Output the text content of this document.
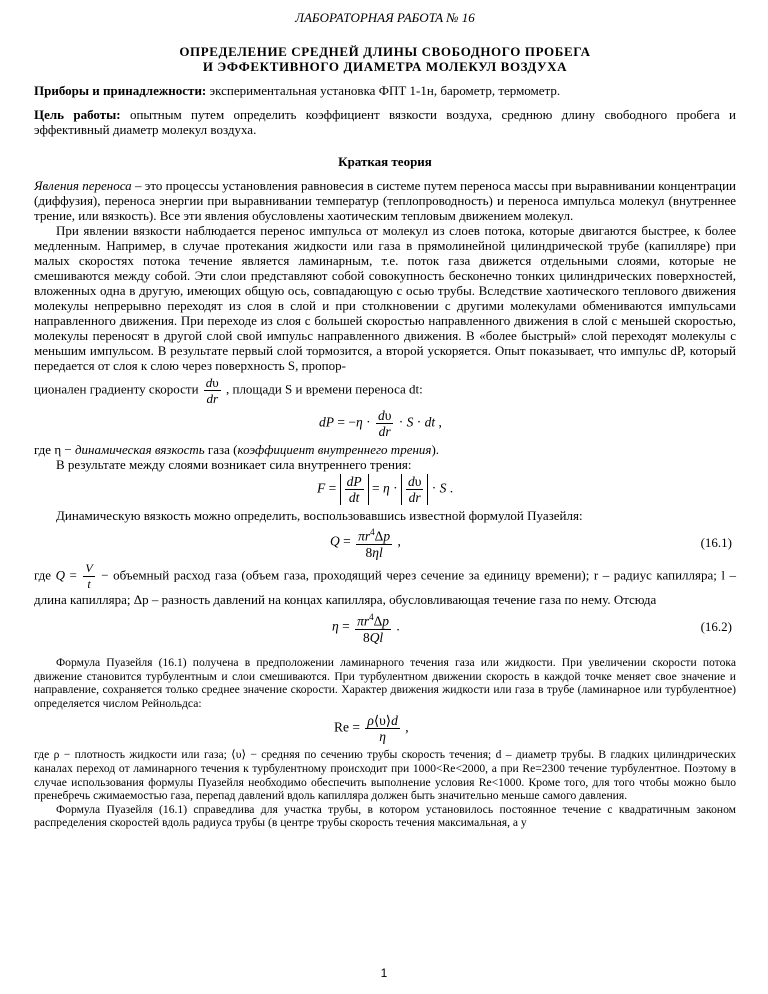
ЛАБОРАТОРНАЯ РАБОТА № 16

ОПРЕДЕЛЕНИЕ СРЕДНЕЙ ДЛИНЫ СВОБОДНОГО ПРОБЕГА
И ЭФФЕКТИВНОГО ДИАМЕТРА МОЛЕКУЛ ВОЗДУХА

Приборы и принадлежности: экспериментальная установка ФПТ 1-1н, барометр, термометр.

Цель работы: опытным путем определить коэффициент вязкости воздуха, среднюю длину свободного пробега и эффективный диаметр молекул воздуха.

Краткая теория

Явления переноса – это процессы установления равновесия в системе путем переноса массы при выравнивании концентрации (диффузия), переноса энергии при выравнивании температур (теплопроводность) и переноса импульса молекул (внутреннее трение, или вязкость). Все эти явления обусловлены хаотическим тепловым движением молекул.

При явлении вязкости наблюдается перенос импульса от молекул из слоев потока, которые двигаются быстрее, к более медленным. Например, в случае протекания жидкости или газа в прямолинейной цилиндрической трубе (капилляре) при малых скоростях потока течение является ламинарным, т.е. поток газа движется отдельными слоями, которые не смешиваются между собой. Эти слои представляют собой совокупность бесконечно тонких цилиндрических поверхностей, вложенных одна в другую, имеющих общую ось, совпадающую с осью трубы. Вследствие хаотического теплового движения молекулы непрерывно переходят из слоя в слой и при столкновении с другими молекулами обмениваются импульсами направленного движения. При переходе из слоя с большей скоростью направленного движения в слой с меньшей скоростью, молекулы переносят в другой слой свой импульс направленного движения. В «более быстрый» слой переходят молекулы с меньшим импульсом. В результате первый слой тормозится, а второй ускоряется. Опыт показывает, что импульс dP, который передается от слоя к слою через поверхность S, пропор-

ционален градиенту скорости $\frac{d\upsilon}{dr}$ , площади S и времени переноса dt:

dP = $-\eta \cdot \frac{d\upsilon}{dr} \cdot S$ · dt ,

где η − динамическая вязкость газа (коэффициент внутреннего трения).

В результате между слоями возникает сила внутреннего трения:

$F = \frac{dP}{dt} = \eta \cdot \frac{d\upsilon}{dr} \cdot S$ .

Динамическую вязкость можно определить, воспользовавшись известной формулой Пуазейля:

$Q = \frac{\pi r^4\Delta p}{8\eta l}$ ,	(16.1)

где $Q = \frac{V}{t}$ − объемный расход газа (объем газа, проходящий через сечение за единицу времени); r – радиус капилляра; l – длина капилляра; Δp – разность давлений на концах капилляра, обусловливающая течение газа по нему. Отсюда

$\eta = \frac{\pi r^4\Delta p}{8Ql}$ .	(16.2)

Формула Пуазейля (16.1) получена в предположении ламинарного течения газа или жидкости. При увеличении скорости потока движение становится турбулентным и слои смешиваются. При турбулентном движении скорость в каждой точке меняет свое значение и направление, сохраняется только среднее значение скорости. Характер движения жидкости или газа в трубе (ламинарное или турбулентное) определяется числом Рейнольдса:

$Re = \frac{\rho⟨\upsilon⟩d}{\eta}$ ,

где ρ − плотность жидкости или газа; ⟨υ⟩ − средняя по сечению трубы скорость течения; d – диаметр трубы. В гладких цилиндрических каналах переход от ламинарного течения к турбулентному происходит при 1000<Re<2000, а при Re=2300 течение турбулентное. Поэтому в случае использования формулы Пуазейля необходимо обеспечить выполнение условия Re<1000. Кроме того, для того чтобы можно было пренебречь сжимаемостью газа, перепад давлений вдоль капилляра должен быть значительно меньше самого давления.

Формула Пуазейля (16.1) справедлива для участка трубы, в котором установилось постоянное течение с квадратичным законом распределения скоростей вдоль радиуса трубы (в центре трубы скорость течения максимальная, а у

1
